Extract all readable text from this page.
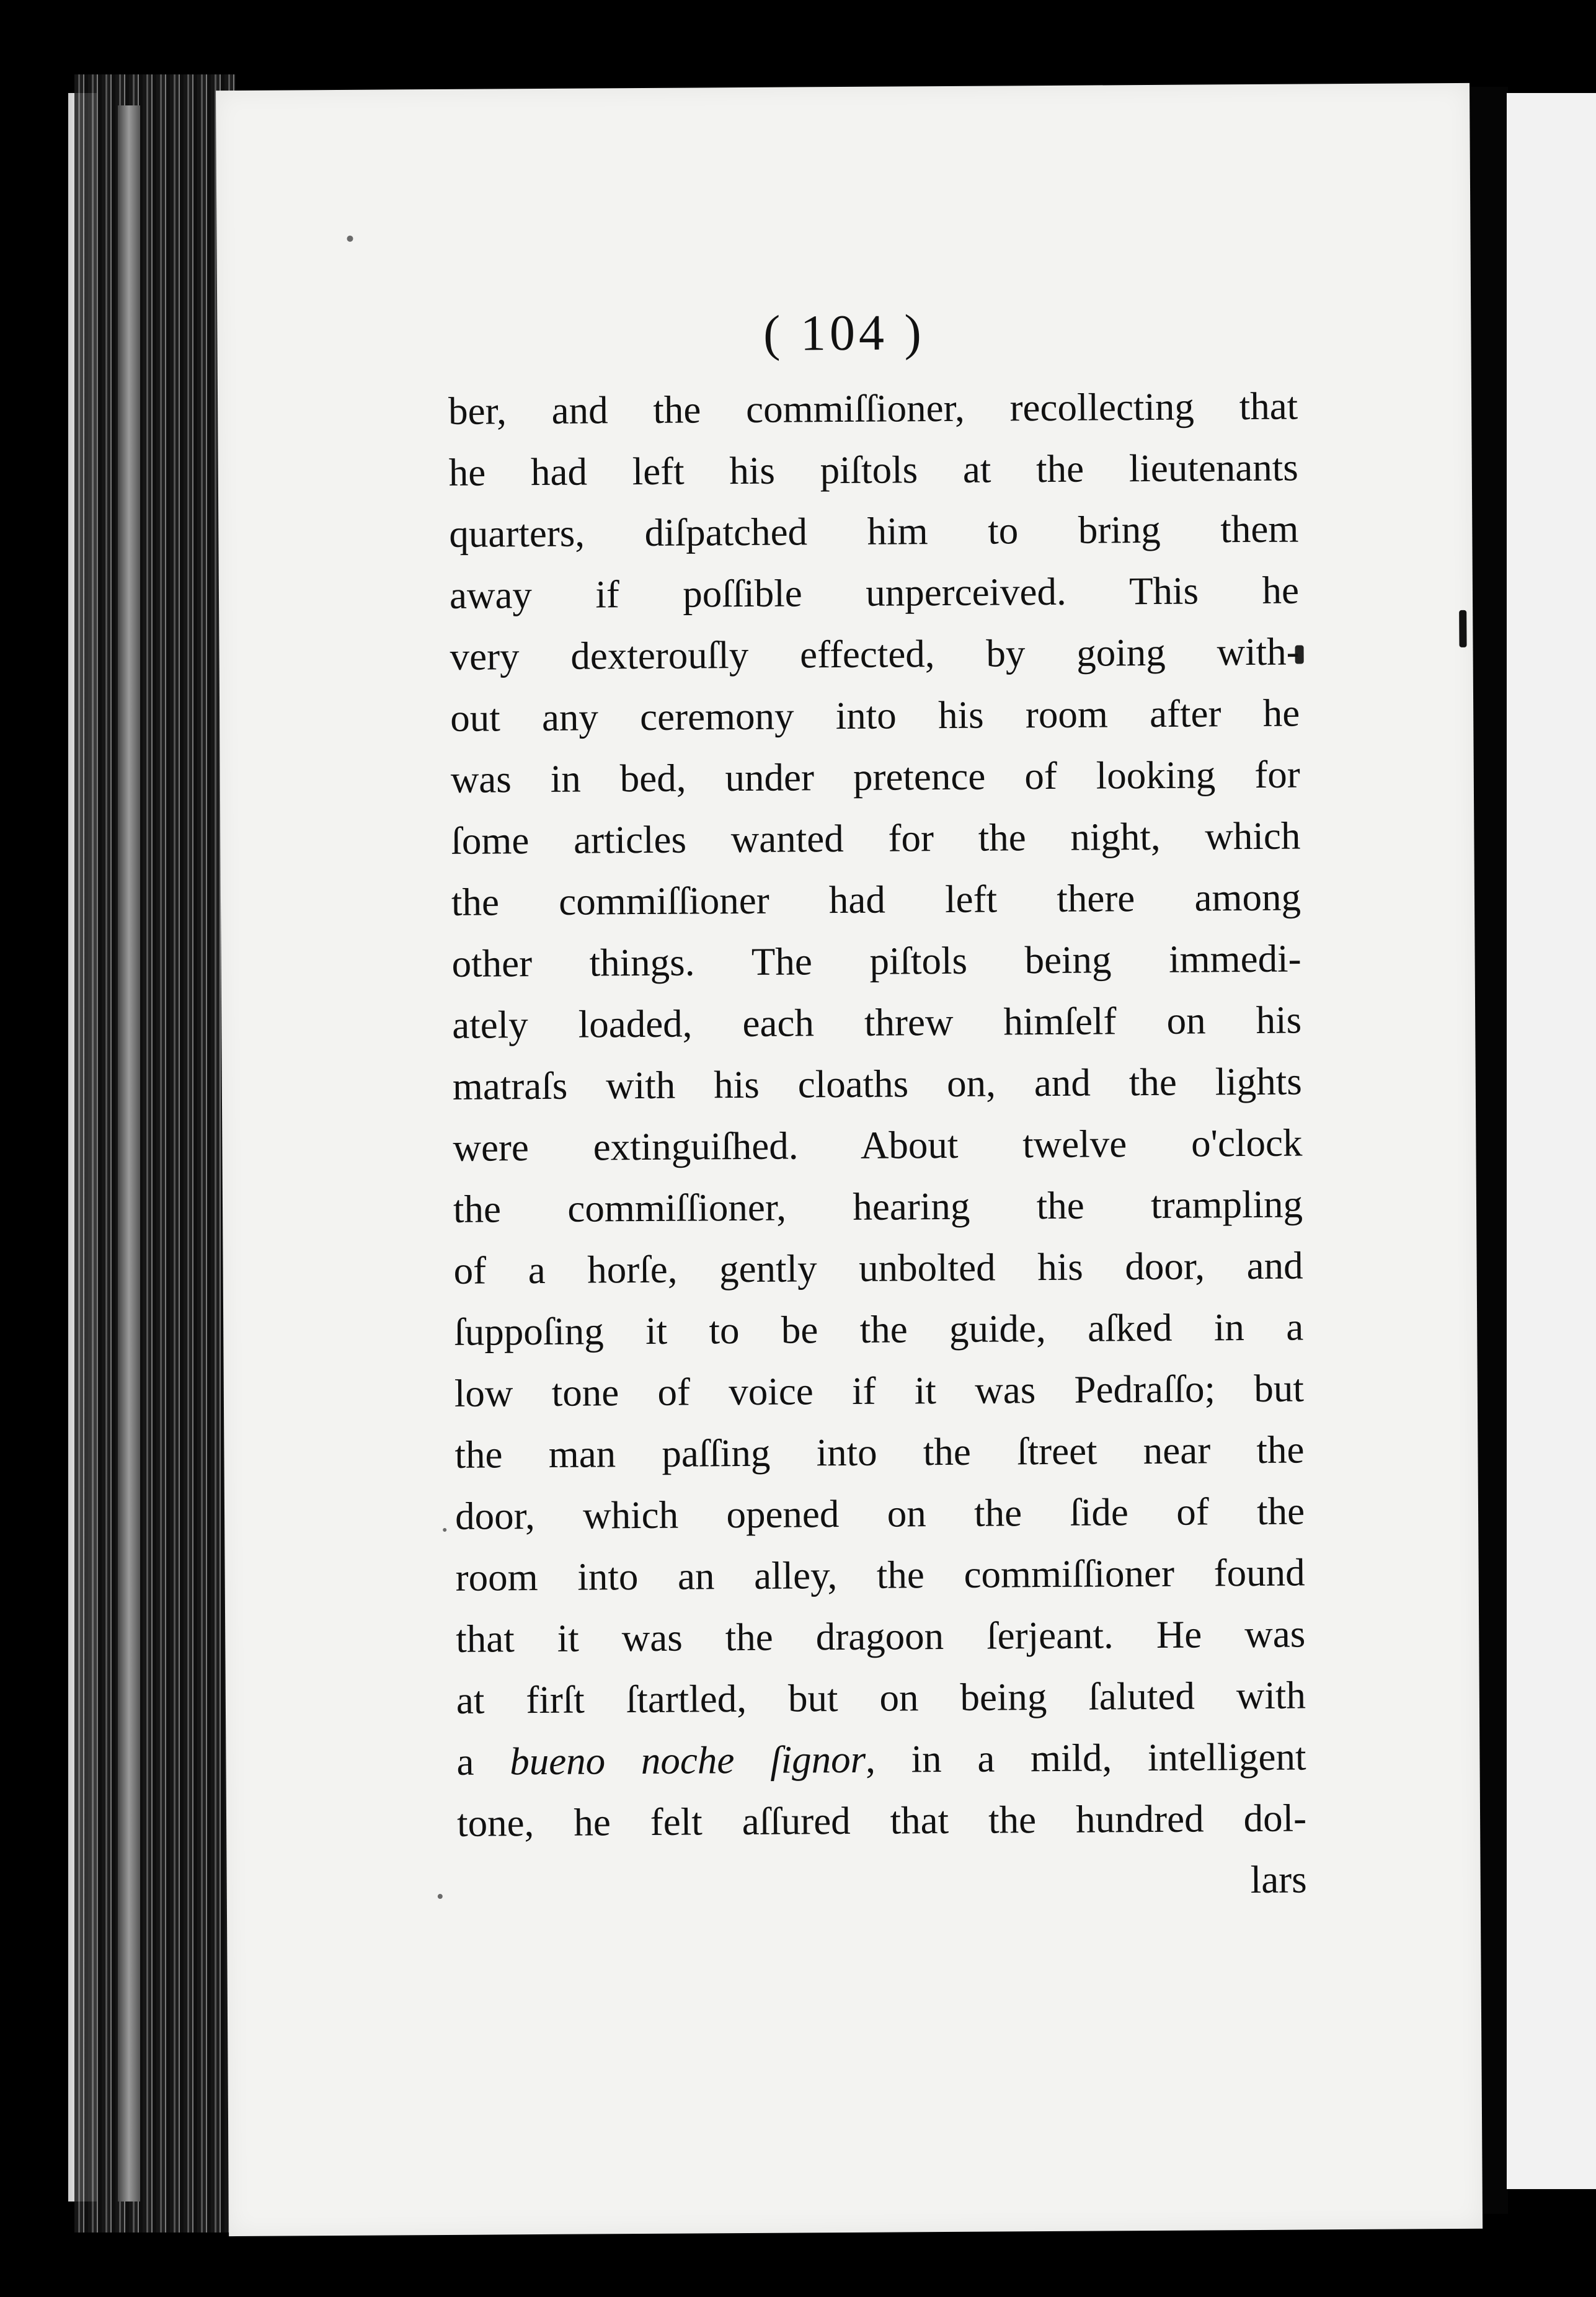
( 104 )
ber, and the commiſſioner, recollecting that
he had left his piſtols at the lieutenants
quarters, diſpatched him to bring them
away if poſſible unperceived. This he
very dexterouſly effected, by going with-
out any ceremony into his room after he
was in bed, under pretence of looking for
ſome articles wanted for the night, which
the commiſſioner had left there among
other things. The piſtols being immedi-
ately loaded, each threw himſelf on his
matraſs with his cloaths on, and the lights
were extinguiſhed. About twelve o'clock
the commiſſioner, hearing the trampling
of a horſe, gently unbolted his door, and
ſuppoſing it to be the guide, aſked in a
low tone of voice if it was Pedraſſo; but
the man paſſing into the ſtreet near the
door, which opened on the ſide of the
room into an alley, the commiſſioner found
that it was the dragoon ſerjeant. He was
at firſt ſtartled, but on being ſaluted with
a bueno noche ſignor, in a mild, intelligent
tone, he felt aſſured that the hundred dol-
lars
